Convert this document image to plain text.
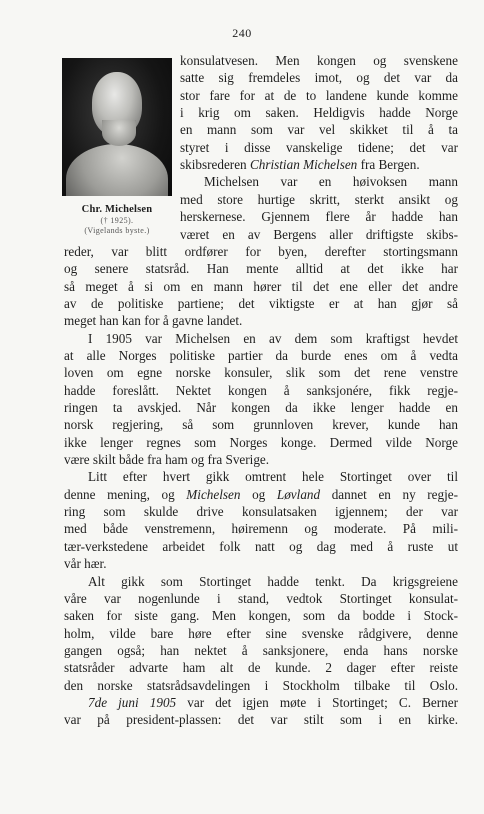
240
Chr. Michelsen
(† 1925).
(Vigelands byste.)
konsulatvesen. Men kongen og svenskene
satte sig fremdeles imot, og det var da
stor fare for at de to landene kunde komme
i krig om saken. Heldigvis hadde Norge
en mann som var vel skikket til å ta
styret i disse vanskelige tidene; det var
skibsrederen Christian Michelsen fra Bergen.
Michelsen var en høivoksen mann
med store hurtige skritt, sterkt ansikt og
herskernese. Gjennem flere år hadde han
været en av Bergens aller driftigste skibs-
reder, var blitt ordfører for byen, derefter stortingsmann
og senere statsråd. Han mente alltid at det ikke har
så meget å si om en mann hører til det ene eller det andre
av de politiske partiene; det viktigste er at han gjør så
meget han kan for å gavne landet.
I 1905 var Michelsen en av dem som kraftigst hevdet
at alle Norges politiske partier da burde enes om å vedta
loven om egne norske konsuler, slik som det rene venstre
hadde foreslått. Nektet kongen å sanksjonére, fikk regje-
ringen ta avskjed. Når kongen da ikke lenger hadde en
norsk regjering, så som grunnloven krever, kunde han
ikke lenger regnes som Norges konge. Dermed vilde Norge
være skilt både fra ham og fra Sverige.
Litt efter hvert gikk omtrent hele Stortinget over til
denne mening, og Michelsen og Løvland dannet en ny regje-
ring som skulde drive konsulatsaken igjennem; der var
med både venstremenn, høiremenn og moderate. På mili-
tær-verkstedene arbeidet folk natt og dag med å ruste ut
vår hær.
Alt gikk som Stortinget hadde tenkt. Da krigsgreiene
våre var nogenlunde i stand, vedtok Stortinget konsulat-
saken for siste gang. Men kongen, som da bodde i Stock-
holm, vilde bare høre efter sine svenske rådgivere, denne
gangen også; han nektet å sanksjonere, enda hans norske
statsråder advarte ham alt de kunde. 2 dager efter reiste
den norske statsrådsavdelingen i Stockholm tilbake til Oslo.
7de juni 1905 var det igjen møte i Stortinget; C. Berner
var på president-plassen: det var stilt som i en kirke.
